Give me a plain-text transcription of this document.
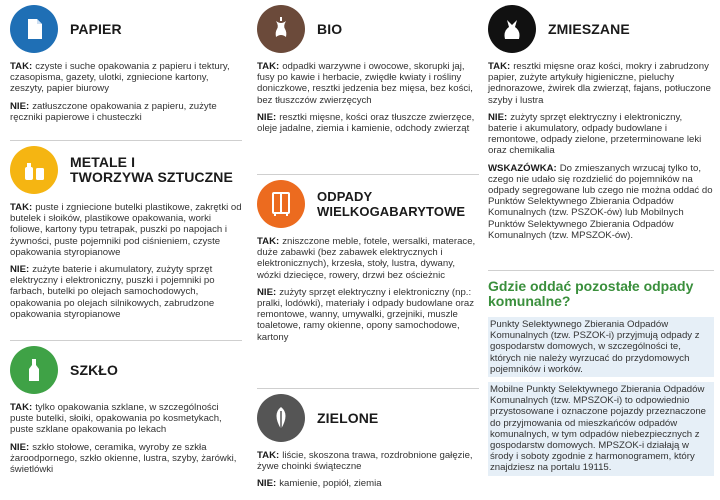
PAPIER

TAK: czyste i suche opakowania z papieru i tektury, czasopisma, gazety, ulotki, zgniecione kartony, zeszyty, papier biurowy

NIE: zatłuszczone opakowania z papieru, zużyte ręczniki papierowe i chusteczki

METALE I
TWORZYWA SZTUCZNE

TAK: puste i zgniecione butelki plastikowe, zakrętki od butelek i słoików, plastikowe opakowania, worki foliowe, kartony typu tetrapak, puszki po napojach i żywności, puste pojemniki pod ciśnieniem, czyste opakowania styropianowe

NIE: zużyte baterie i akumulatory, zużyty sprzęt elektryczny i elektroniczny, puszki i pojemniki po farbach, butelki po olejach samochodowych, opakowania po olejach silnikowych, zabrudzone opakowania styropianowe

SZKŁO

TAK: tylko opakowania szklane, w szczególności puste butelki, słoiki, opakowania po kosmetykach, puste szklane opakowania po lekach

NIE: szkło stołowe, ceramika, wyroby ze szkła żaroodpornego, szkło okienne, lustra, szyby, żarówki, świetlówki

BIO

TAK: odpadki warzywne i owocowe, skorupki jaj, fusy po kawie i herbacie, zwiędłe kwiaty i rośliny doniczkowe, resztki jedzenia bez mięsa, bez kości, bez tłuszczów zwierzęcych

NIE: resztki mięsne, kości oraz tłuszcze zwierzęce, oleje jadalne, ziemia i kamienie, odchody zwierząt

ODPADY
WIELKOGABARYTOWE

TAK: zniszczone meble, fotele, wersalki, materace, duże zabawki (bez zabawek elektrycznych i elektronicznych), krzesła, stoły, lustra, dywany, wózki dziecięce, rowery, drzwi bez ościeżnic

NIE: zużyty sprzęt elektryczny i elektroniczny (np.: pralki, lodówki), materiały i odpady budowlane oraz remontowe, wanny, umywalki, grzejniki, muszle toaletowe, ramy okienne, opony samochodowe, kartony

ZIELONE

TAK: liście, skoszona trawa, rozdrobnione gałęzie, żywe choinki świąteczne

NIE: kamienie, popiół, ziemia

ZMIESZANE

TAK: resztki mięsne oraz kości, mokry i zabrudzony papier, zużyte artykuły higieniczne, pieluchy jednorazowe, żwirek dla zwierząt, fajans, potłuczone szyby i lustra

NIE: zużyty sprzęt elektryczny i elektroniczny, baterie i akumulatory, odpady budowlane i remontowe, odpady zielone, przeterminowane leki oraz chemikalia

WSKAZÓWKA: Do zmieszanych wrzucaj tylko to, czego nie udało się rozdzielić do pojemników na odpady segregowane lub czego nie można oddać do Punktów Selektywnego Zbierania Odpadów Komunalnych (tzw. PSZOK-ów) lub Mobilnych Punktów Selektywnego Zbierania Odpadów Komunalnych (tzw. MPSZOK-ów).

Gdzie oddać pozostałe odpady komunalne?

Punkty Selektywnego Zbierania Odpadów Komunalnych (tzw. PSZOK-i) przyjmują odpady z gospodarstw domowych, w szczególności te, których nie należy wyrzucać do przydomowych pojemników i worków.

Mobilne Punkty Selektywnego Zbierania Odpadów Komunalnych (tzw. MPSZOK-i) to odpowiednio przystosowane i oznaczone pojazdy przeznaczone do przyjmowania od mieszkańców odpadów komunalnych, w tym odpadów niebezpiecznych z gospodarstw domowych. MPSZOK-i działają w środy i soboty zgodnie z harmonogramem, który znajdziesz na portalu 19115.
